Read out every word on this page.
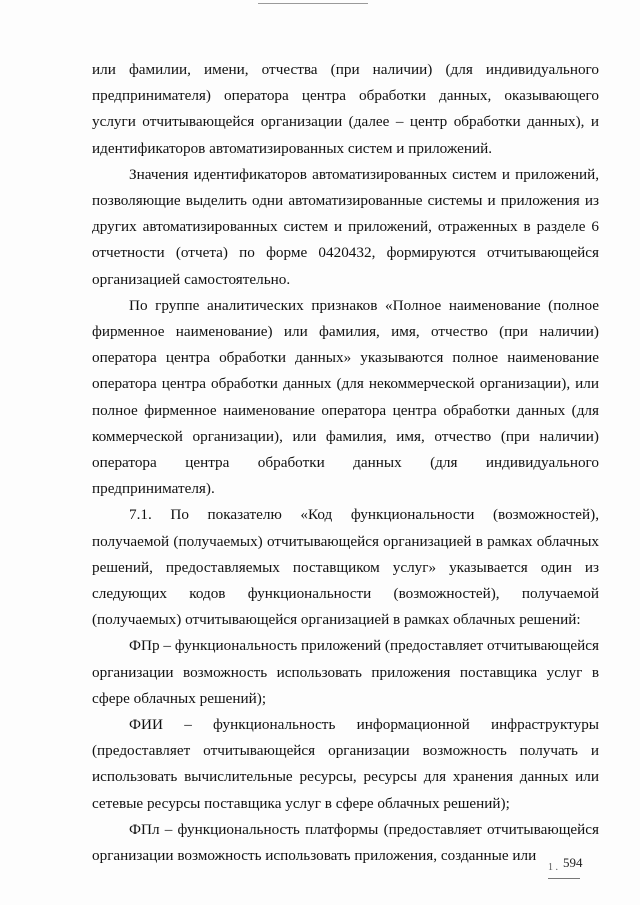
или фамилии, имени, отчества (при наличии) (для индивидуального предпринимателя) оператора центра обработки данных, оказывающего услуги отчитывающейся организации (далее – центр обработки данных), и идентификаторов автоматизированных систем и приложений.

Значения идентификаторов автоматизированных систем и приложений, позволяющие выделить одни автоматизированные системы и приложения из других автоматизированных систем и приложений, отраженных в разделе 6 отчетности (отчета) по форме 0420432, формируются отчитывающейся организацией самостоятельно.

По группе аналитических признаков «Полное наименование (полное фирменное наименование) или фамилия, имя, отчество (при наличии) оператора центра обработки данных» указываются полное наименование оператора центра обработки данных (для некоммерческой организации), или полное фирменное наименование оператора центра обработки данных (для коммерческой организации), или фамилия, имя, отчество (при наличии) оператора центра обработки данных (для индивидуального предпринимателя).

7.1. По показателю «Код функциональности (возможностей), получаемой (получаемых) отчитывающейся организацией в рамках облачных решений, предоставляемых поставщиком услуг» указывается один из следующих кодов функциональности (возможностей), получаемой (получаемых) отчитывающейся организацией в рамках облачных решений:

ФПр – функциональность приложений (предоставляет отчитывающейся организации возможность использовать приложения поставщика услуг в сфере облачных решений);

ФИИ – функциональность информационной инфраструктуры (предоставляет отчитывающейся организации возможность получать и использовать вычислительные ресурсы, ресурсы для хранения данных или сетевые ресурсы поставщика услуг в сфере облачных решений);

ФПл – функциональность платформы (предоставляет отчитывающейся организации возможность использовать приложения, созданные или

1 . 594
